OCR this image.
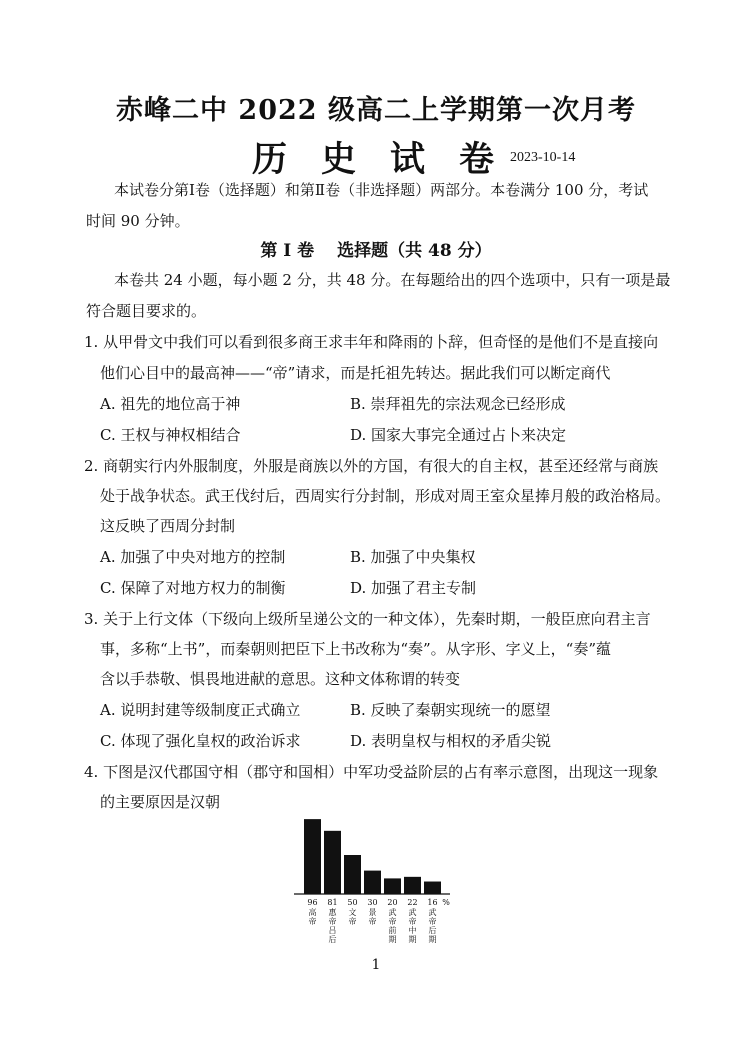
赤峰二中 2022 级高二上学期第一次月考
历史试卷
2023-10-14
本试卷分第Ⅰ卷（选择题）和第Ⅱ卷（非选择题）两部分。本卷满分 100 分，考试
时间 90 分钟。
第 Ⅰ 卷　 选择题（共 48 分）
本卷共 24 小题，每小题 2 分，共 48 分。在每题给出的四个选项中，只有一项是最
符合题目要求的。
1. 从甲骨文中我们可以看到很多商王求丰年和降雨的卜辞，但奇怪的是他们不是直接向
他们心目中的最高神——“帝”请求，而是托祖先转达。据此我们可以断定商代
A. 祖先的地位高于神	B. 崇拜祖先的宗法观念已经形成
C. 王权与神权相结合	D. 国家大事完全通过占卜来决定
2. 商朝实行内外服制度，外服是商族以外的方国，有很大的自主权，甚至还经常与商族
处于战争状态。武王伐纣后，西周实行分封制，形成对周王室众星捧月般的政治格局。
这反映了西周分封制
A. 加强了中央对地方的控制	B. 加强了中央集权
C. 保障了对地方权力的制衡	D. 加强了君主专制
3. 关于上行文体（下级向上级所呈递公文的一种文体），先秦时期，一般臣庶向君主言
事，多称“上书”，而秦朝则把臣下上书改称为“奏”。从字形、字义上，“奏”蕴
含以手恭敬、惧畏地进献的意思。这种文体称谓的转变
A. 说明封建等级制度正式确立	B. 反映了秦朝实现统一的愿望
C. 体现了强化皇权的政治诉求	D. 表明皇权与相权的矛盾尖锐
4. 下图是汉代郡国守相（郡守和国相）中军功受益阶层的占有率示意图，出现这一现象
的主要原因是汉朝
96
高
帝
81
惠
帝
吕
后
50
文
帝
30
景
帝
20
武
帝
前
期
22
武
帝
中
期
16
武
帝
后
期
%
1
